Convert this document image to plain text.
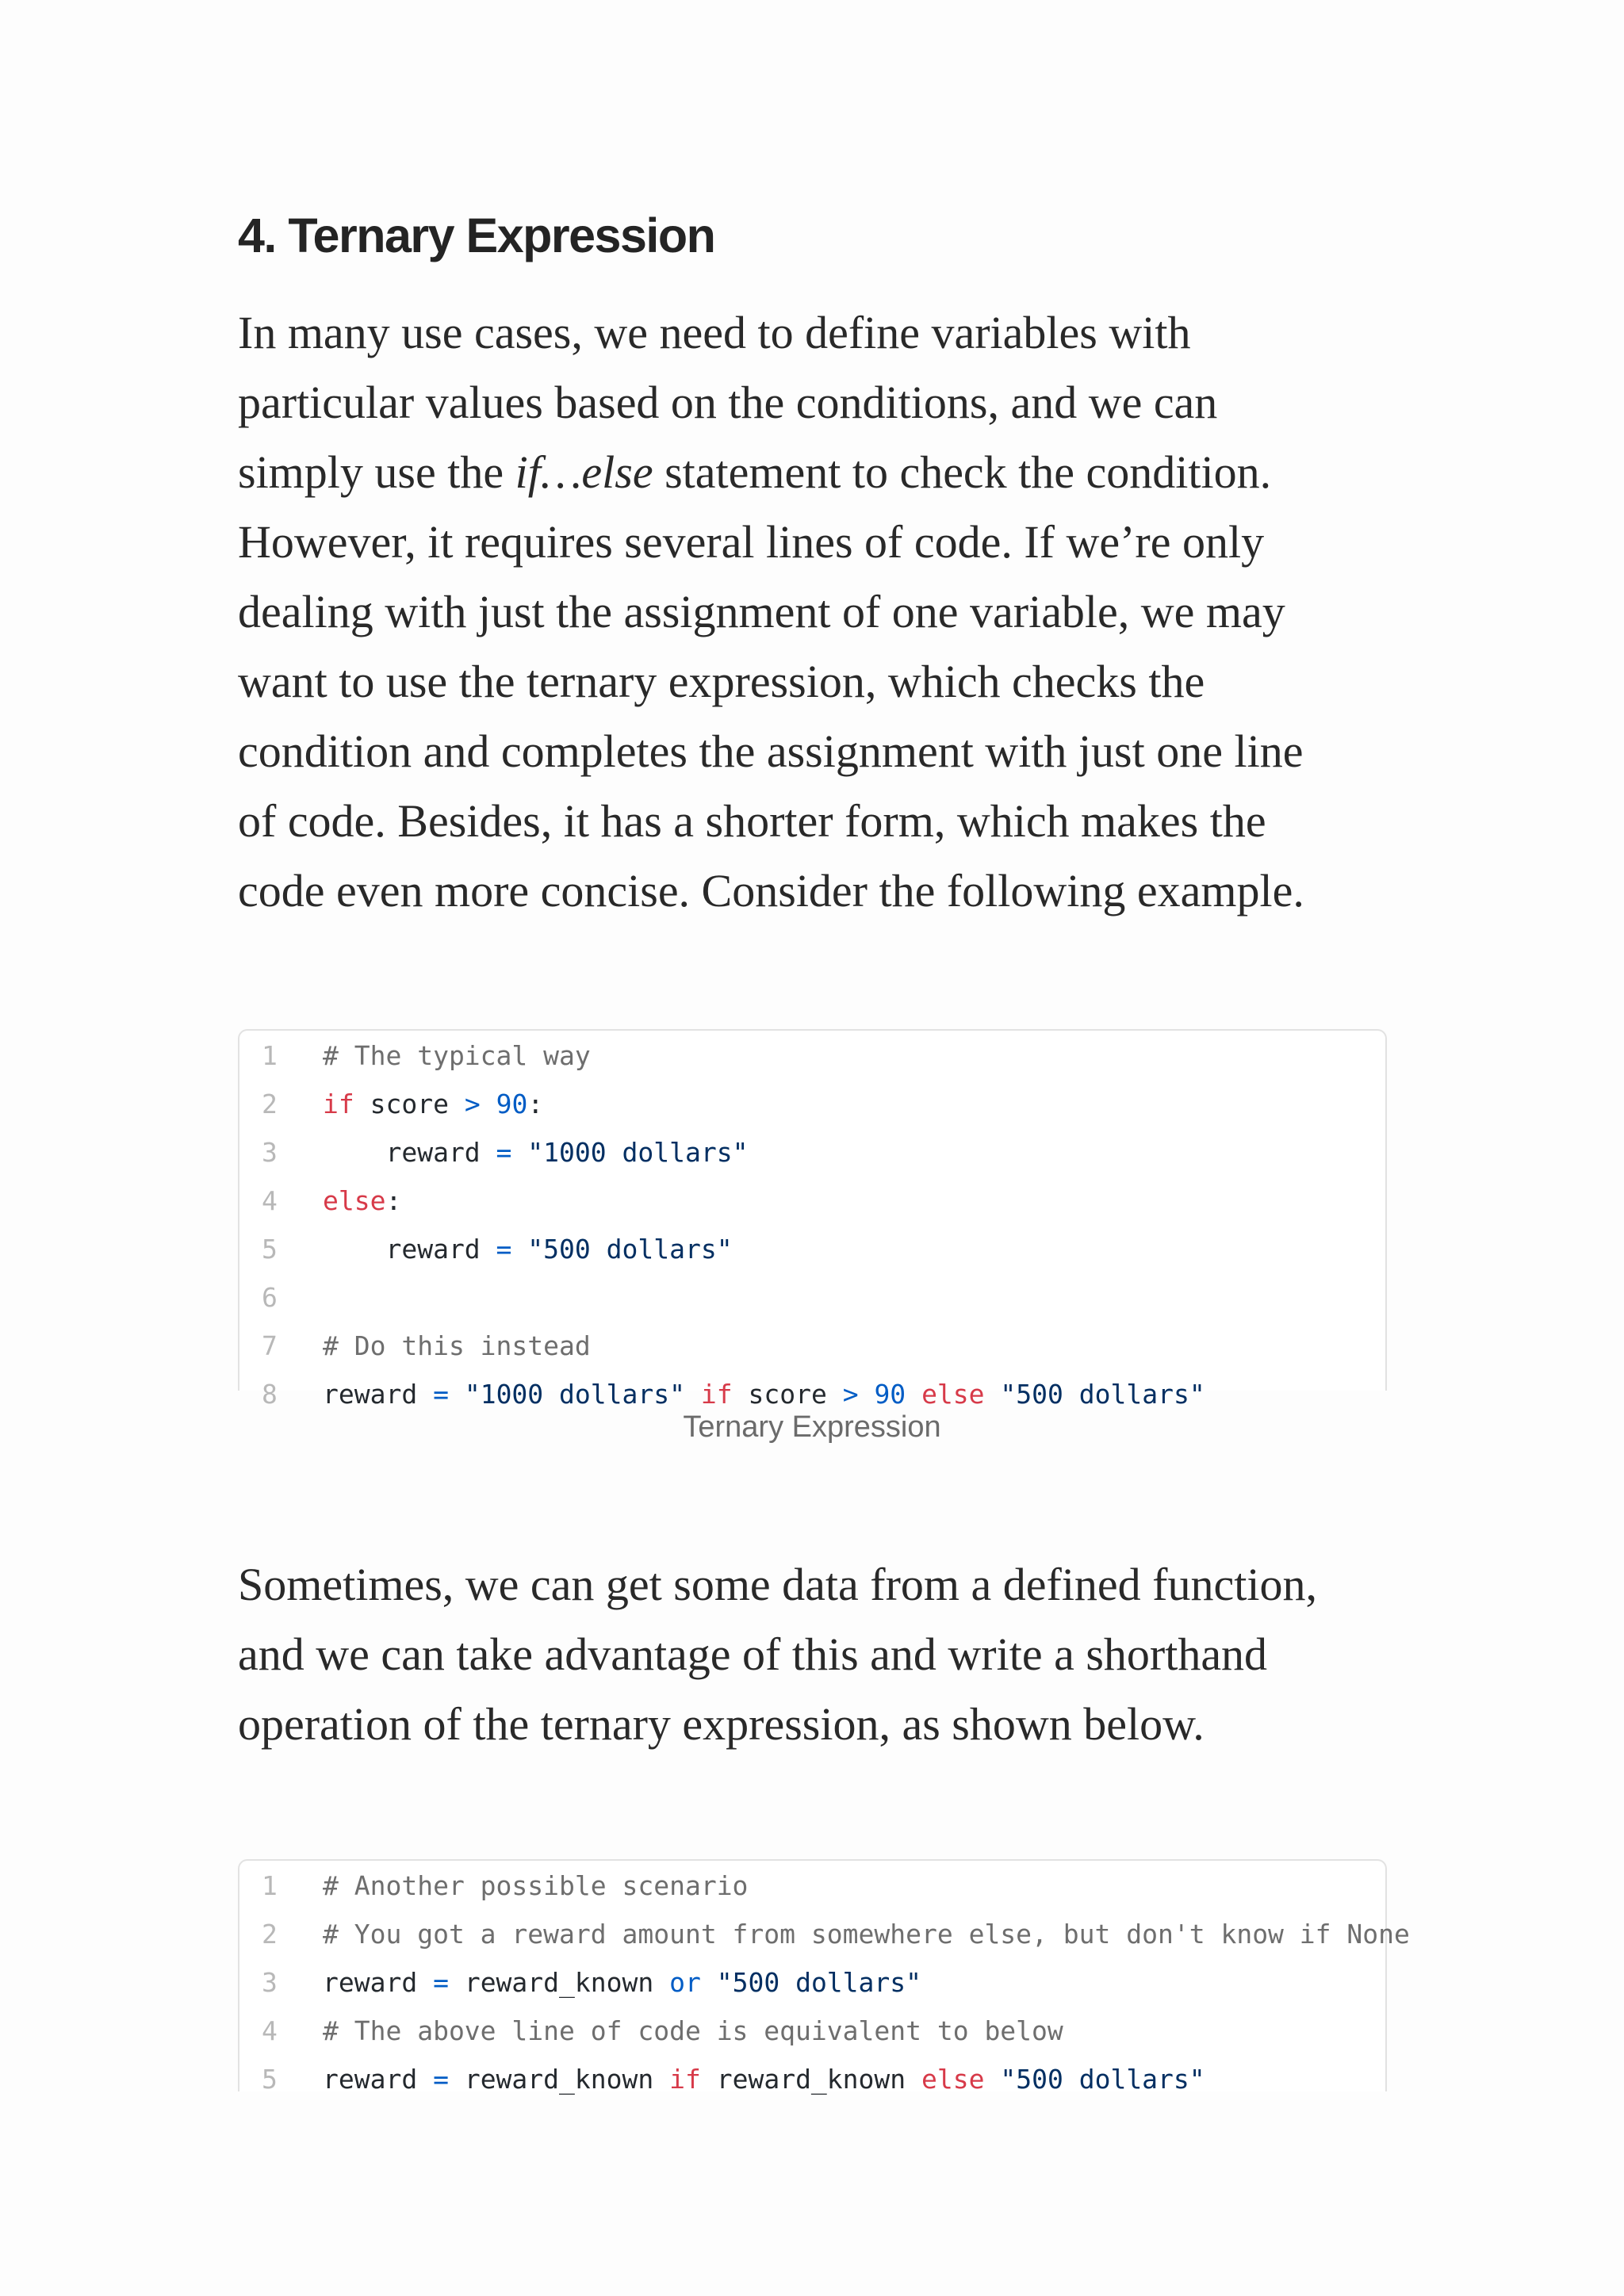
4. Ternary Expression
In many use cases, we need to define variables with
particular values based on the conditions, and we can
simply use the if…else statement to check the condition.
However, it requires several lines of code. If we’re only
dealing with just the assignment of one variable, we may
want to use the ternary expression, which checks the
condition and completes the assignment with just one line
of code. Besides, it has a shorter form, which makes the
code even more concise. Consider the following example.
Sometimes, we can get some data from a defined function,
and we can take advantage of this and write a shorthand
operation of the ternary expression, as shown below.
1	# The typical way
2	if score > 90:
3	reward = "1000 dollars"
4	else:
5	reward = "500 dollars"
6
7	# Do this instead
8	reward = "1000 dollars" if score > 90 else "500 dollars"
Ternary Expression
1	# Another possible scenario
2	# You got a reward amount from somewhere else, but don't know if None
3	reward = reward_known or "500 dollars"
4	# The above line of code is equivalent to below
5	reward = reward_known if reward_known else "500 dollars"
